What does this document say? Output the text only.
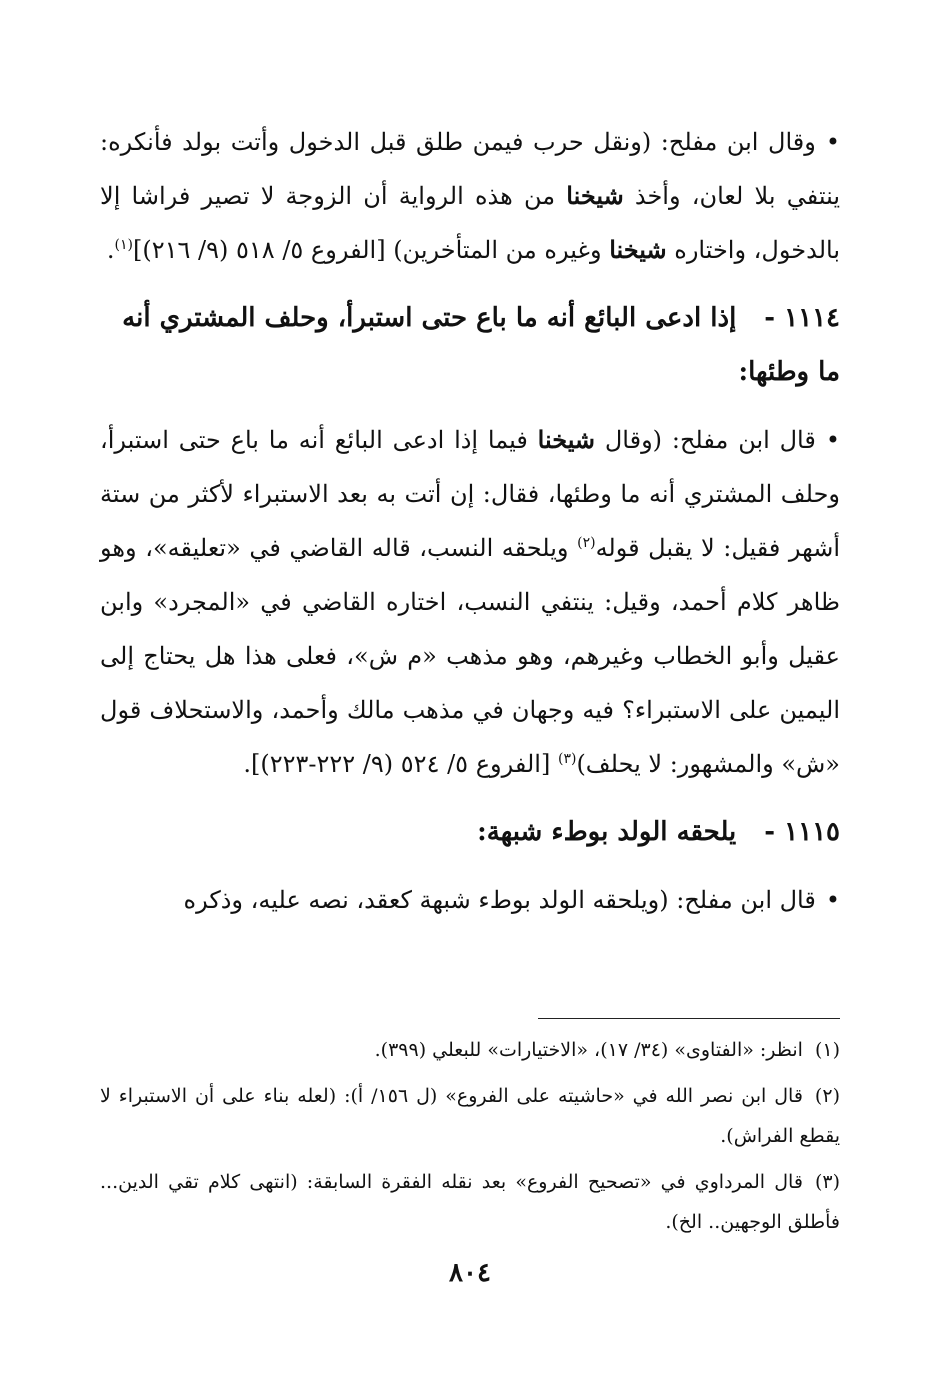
•وقال ابن مفلح: (ونقل حرب فيمن طلق قبل الدخول وأتت بولد فأنكره: ينتفي بلا لعان، وأخذ شيخنا من هذه الرواية أن الزوجة لا تصير فراشا إلا بالدخول، واختاره شيخنا وغيره من المتأخرين) [الفروع ٥/ ٥١٨ (٩/ ٢١٦)]$^{(١)}$.

١١١٤ -إذا ادعى البائع أنه ما باع حتى استبرأ، وحلف المشتري أنه ما وطئها:

•قال ابن مفلح: (وقال شيخنا فيما إذا ادعى البائع أنه ما باع حتى استبرأ، وحلف المشتري أنه ما وطئها، فقال: إن أتت به بعد الاستبراء لأكثر من ستة أشهر فقيل: لا يقبل قوله$^{(٢)}$ ويلحقه النسب، قاله القاضي في «تعليقه»، وهو ظاهر كلام أحمد، وقيل: ينتفي النسب، اختاره القاضي في «المجرد» وابن عقيل وأبو الخطاب وغيرهم، وهو مذهب «م ش»، فعلى هذا هل يحتاج إلى اليمين على الاستبراء؟ فيه وجهان في مذهب مالك وأحمد، والاستحلاف قول «ش» والمشهور: لا يحلف)$^{(٣)}$ [الفروع ٥/ ٥٢٤ (٩/ ٢٢٢-٢٢٣)].

١١١٥ -يلحقه الولد بوطء شبهة:

•قال ابن مفلح: (ويلحقه الولد بوطء شبهة كعقد، نصه عليه، وذكره

(١)انظر: «الفتاوى» (٣٤/ ١٧)، «الاختيارات» للبعلي (٣٩٩).

(٢)قال ابن نصر الله في «حاشيته على الفروع» (ل ١٥٦/ أ): (لعله بناء على أن الاستبراء لا يقطع الفراش).

(٣)قال المرداوي في «تصحيح الفروع» بعد نقله الفقرة السابقة: (انتهى كلام تقي الدين... فأطلق الوجهين.. الخ).

٨٠٤
